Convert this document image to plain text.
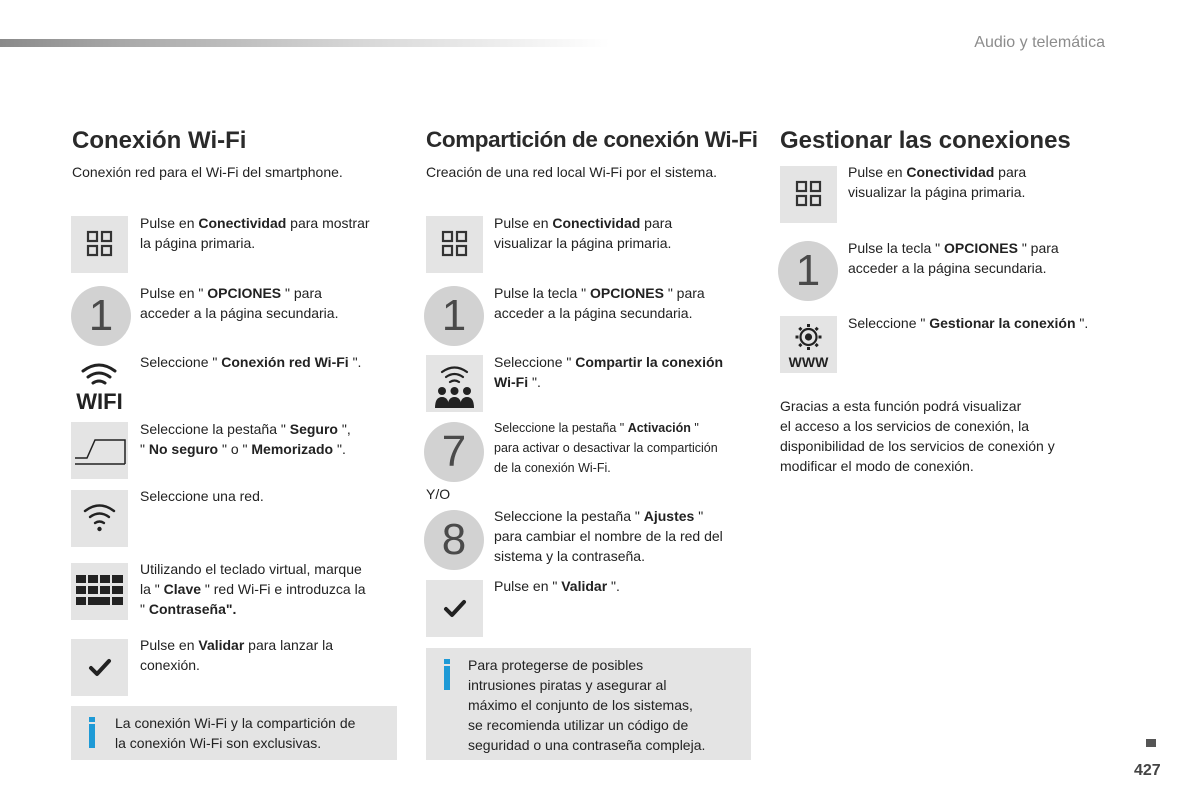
Audio y telemática
Conexión Wi-Fi
Conexión red para el Wi-Fi del smartphone.
Pulse en Conectividad para mostrar
la página primaria.
1	Pulse en " OPCIONES " para
acceder a la página secundaria.
WIFI
Seleccione " Conexión red Wi-Fi ".
Seleccione la pestaña " Seguro ",
" No seguro " o " Memorizado ".
Seleccione una red.
Utilizando el teclado virtual, marque
la " Clave " red Wi-Fi e introduzca la
" Contraseña".
Pulse en Validar para lanzar la
conexión.
La conexión Wi-Fi y la compartición de
la conexión Wi-Fi son exclusivas.
Compartición de conexión Wi-Fi
Creación de una red local Wi-Fi por el sistema.
Pulse en Conectividad para
visualizar la página primaria.
1	Pulse la tecla " OPCIONES " para
acceder a la página secundaria.
Seleccione " Compartir la conexión
Wi-Fi ".
7	Seleccione la pestaña " Activación "
para activar o desactivar la compartición
de la conexión Wi-Fi.
Y/O
8	Seleccione la pestaña " Ajustes "
para cambiar el nombre de la red del
sistema y la contraseña.
Pulse en " Validar ".
Para protegerse de posibles
intrusiones piratas y asegurar al
máximo el conjunto de los sistemas,
se recomienda utilizar un código de
seguridad o una contraseña compleja.
Gestionar las conexiones
Pulse en Conectividad para
visualizar la página primaria.
1	Pulse la tecla " OPCIONES " para
acceder a la página secundaria.
WWW
Seleccione " Gestionar la conexión ".
Gracias a esta función podrá visualizar
el acceso a los servicios de conexión, la
disponibilidad de los servicios de conexión y
modificar el modo de conexión.
427
